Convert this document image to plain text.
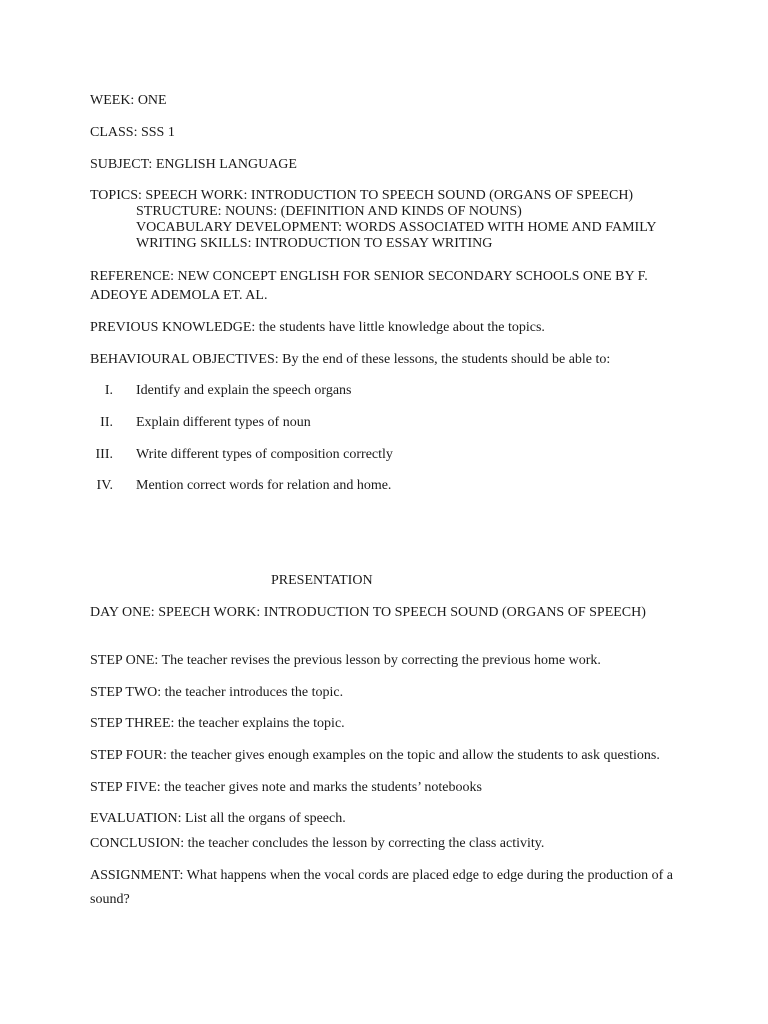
WEEK: ONE
CLASS: SSS 1
SUBJECT: ENGLISH LANGUAGE
TOPICS: SPEECH WORK: INTRODUCTION TO SPEECH SOUND (ORGANS OF SPEECH)
STRUCTURE: NOUNS: (DEFINITION AND KINDS OF NOUNS)
VOCABULARY DEVELOPMENT: WORDS ASSOCIATED WITH HOME AND FAMILY
WRITING SKILLS: INTRODUCTION TO ESSAY WRITING
REFERENCE: NEW CONCEPT ENGLISH FOR SENIOR SECONDARY SCHOOLS ONE BY F.
ADEOYE ADEMOLA ET. AL.
PREVIOUS KNOWLEDGE: the students have little knowledge about the topics.
BEHAVIOURAL OBJECTIVES: By the end of these lessons, the students should be able to:
I. Identify and explain the speech organs
II. Explain different types of noun
III. Write different types of composition correctly
IV. Mention correct words for relation and home.
PRESENTATION
DAY ONE: SPEECH WORK: INTRODUCTION TO SPEECH SOUND (ORGANS OF SPEECH)
STEP ONE: The teacher revises the previous lesson by correcting the previous home work.
STEP TWO: the teacher introduces the topic.
STEP THREE: the teacher explains the topic.
STEP FOUR: the teacher gives enough examples on the topic and allow the students to ask questions.
STEP FIVE: the teacher gives note and marks the students’ notebooks
EVALUATION: List all the organs of speech.
CONCLUSION: the teacher concludes the lesson by correcting the class activity.
ASSIGNMENT: What happens when the vocal cords are placed edge to edge during the production of a sound?
